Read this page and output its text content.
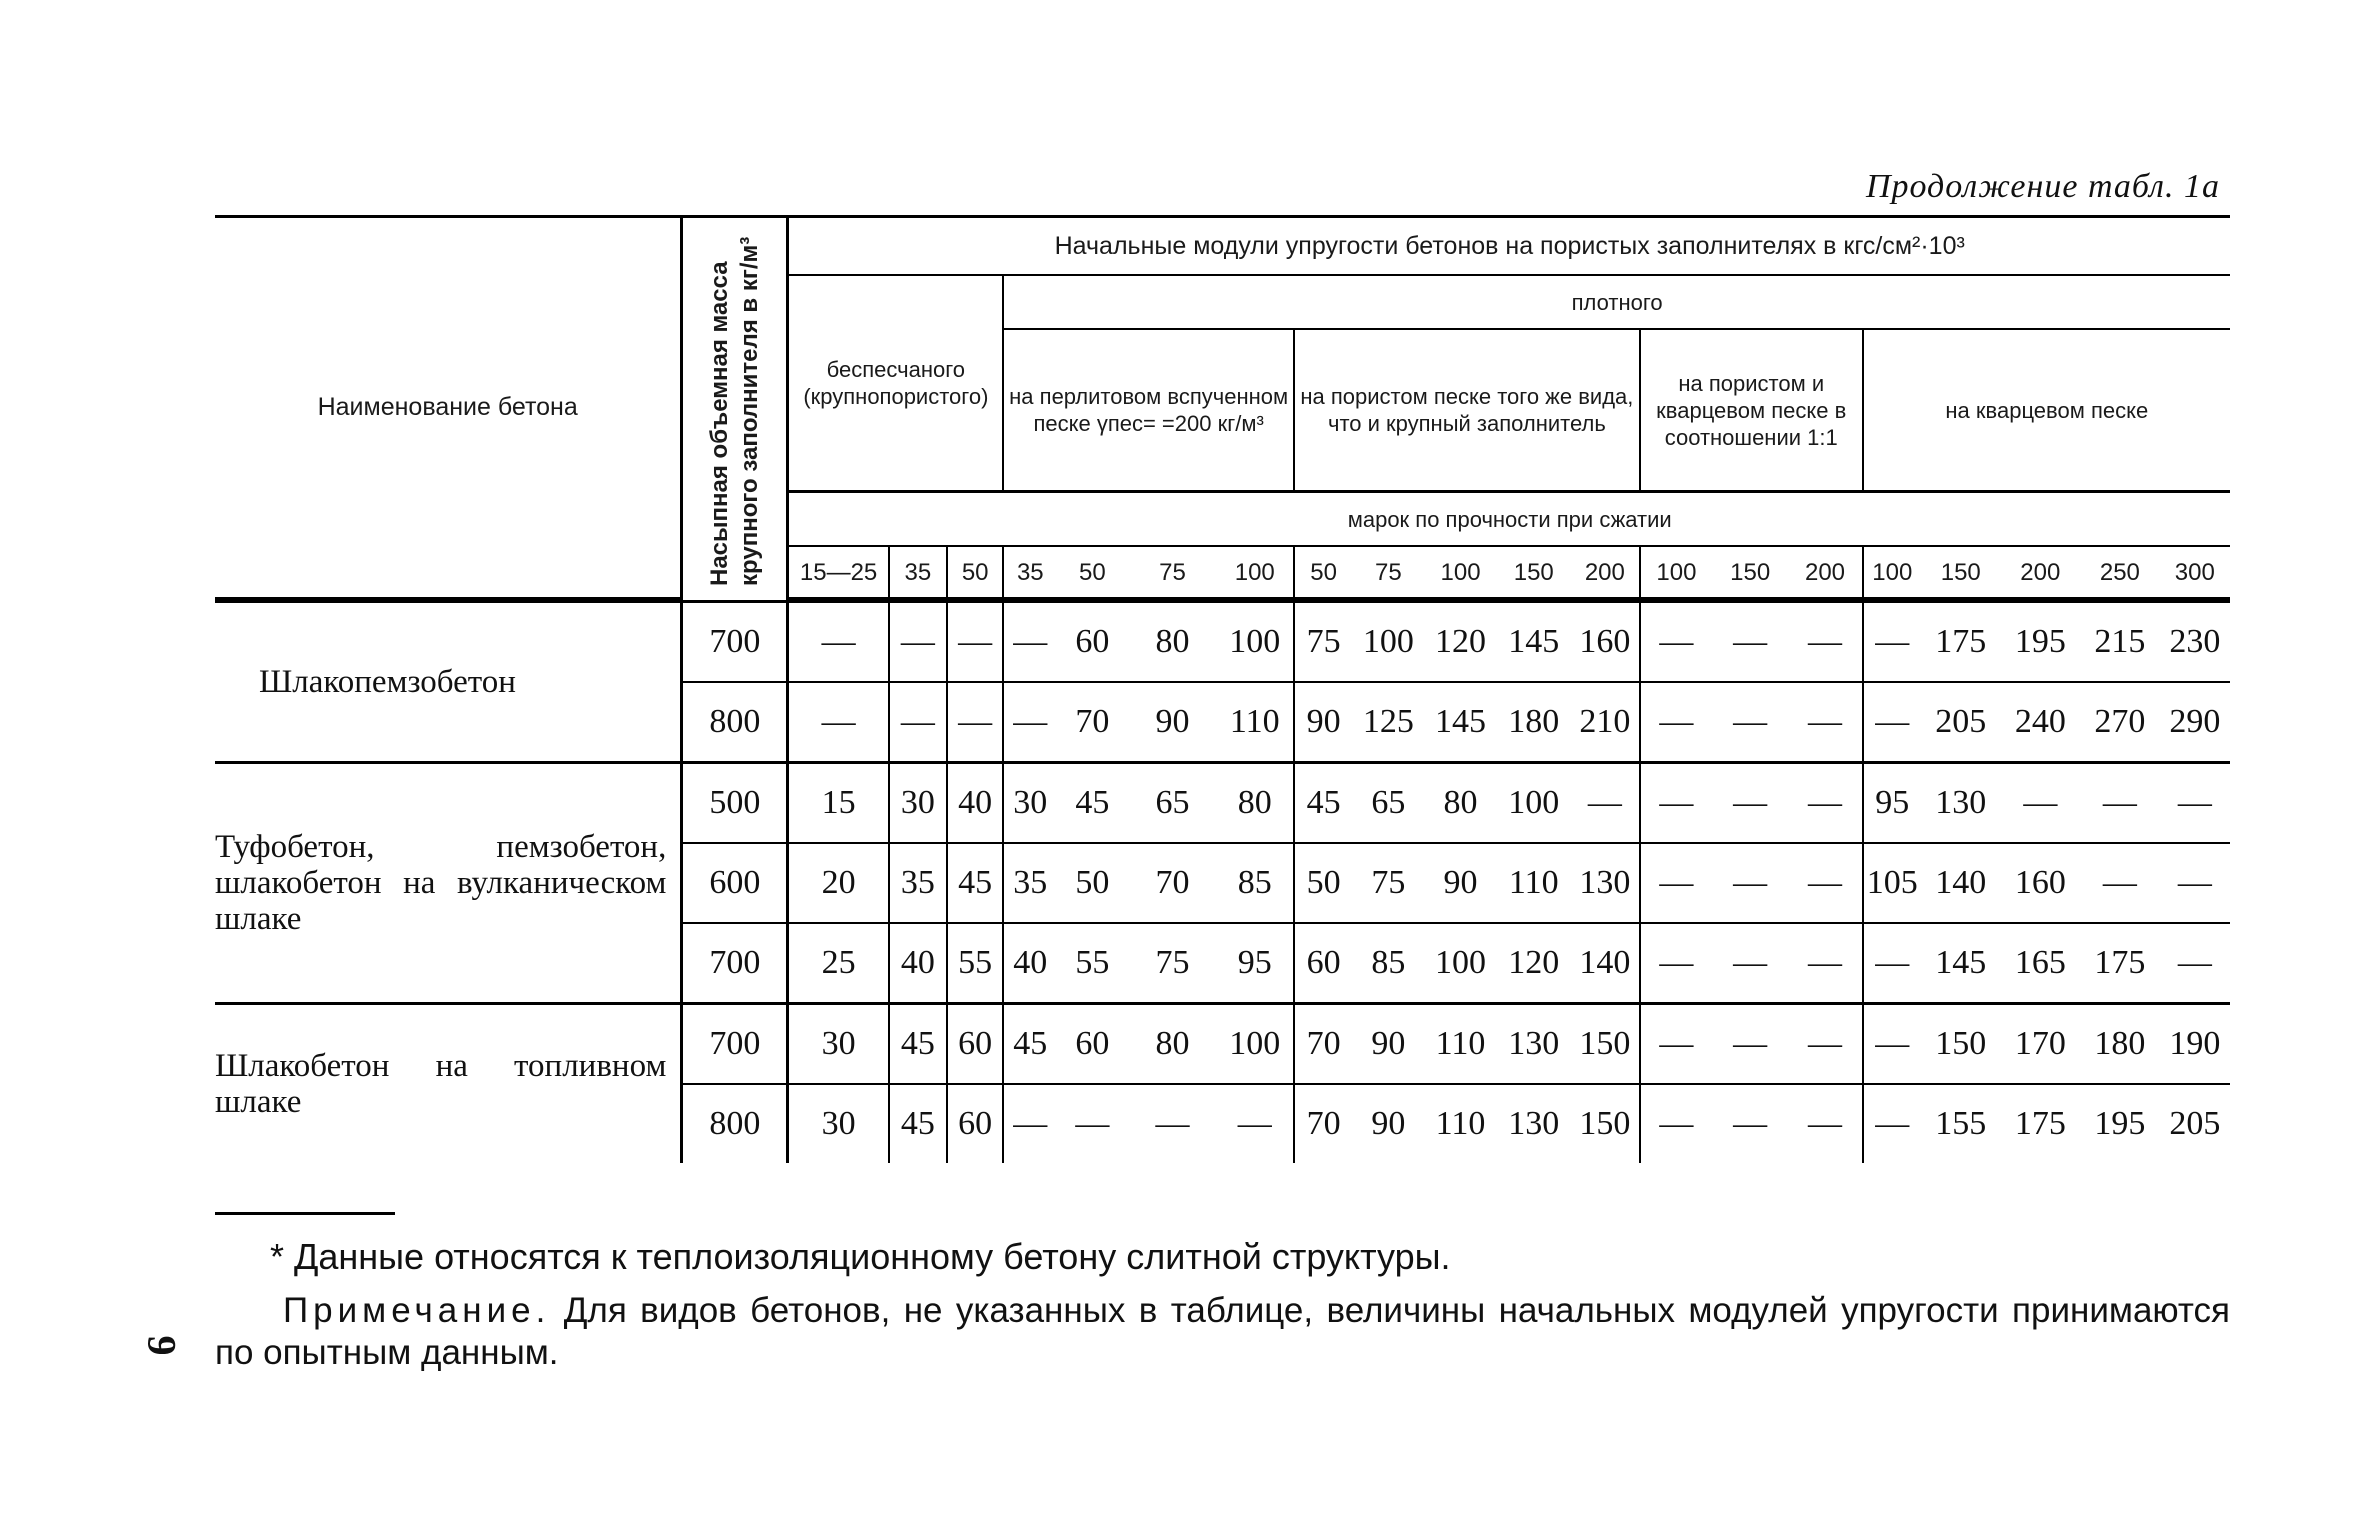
Продолжение табл. 1а
Наименование бетона	Насыпная объемная масса крупного заполнителя в кг/м³	Начальные модули упругости бетонов на пористых заполнителях в кгс/см²·10³																			
		беспесчаного (крупнопористого)			плотного																
					на перлитовом вспученном песке γпес= =200 кг/м³				на пористом песке того же вида, что и крупный заполнитель					на пористом и кварцевом песке в соотношении 1:1			на кварцевом песке				
		марок по прочности при сжатии																			
		15—25	35	50	35	50	75	100	50	75	100	150	200	100	150	200	100	150	200	250	300

Шлакопемзобетон	700	—	—	—	—	60	80	100	75	100	120	145	160	—	—	—	—	175	195	215	230
	800	—	—	—	—	70	90	110	90	125	145	180	210	—	—	—	—	205	240	270	290
Туфобетон, пемзобетон, шлакобетон на вулканическом шлаке	500	15	30	40	30	45	65	80	45	65	80	100	—	—	—	—	95	130	—	—	—
	600	20	35	45	35	50	70	85	50	75	90	110	130	—	—	—	105	140	160	—	—
	700	25	40	55	40	55	75	95	60	85	100	120	140	—	—	—	—	145	165	175	—
Шлакобетон на топливном шлаке	700	30	45	60	45	60	80	100	70	90	110	130	150	—	—	—	—	150	170	180	190
	800	30	45	60	—	—	—	—	70	90	110	130	150	—	—	—	—	155	175	195	205
* Данные относятся к теплоизоляционному бетону слитной структуры.
Примечание. Для видов бетонов, не указанных в таблице, величины начальных модулей упругости принимаются по опытным данным.
9
